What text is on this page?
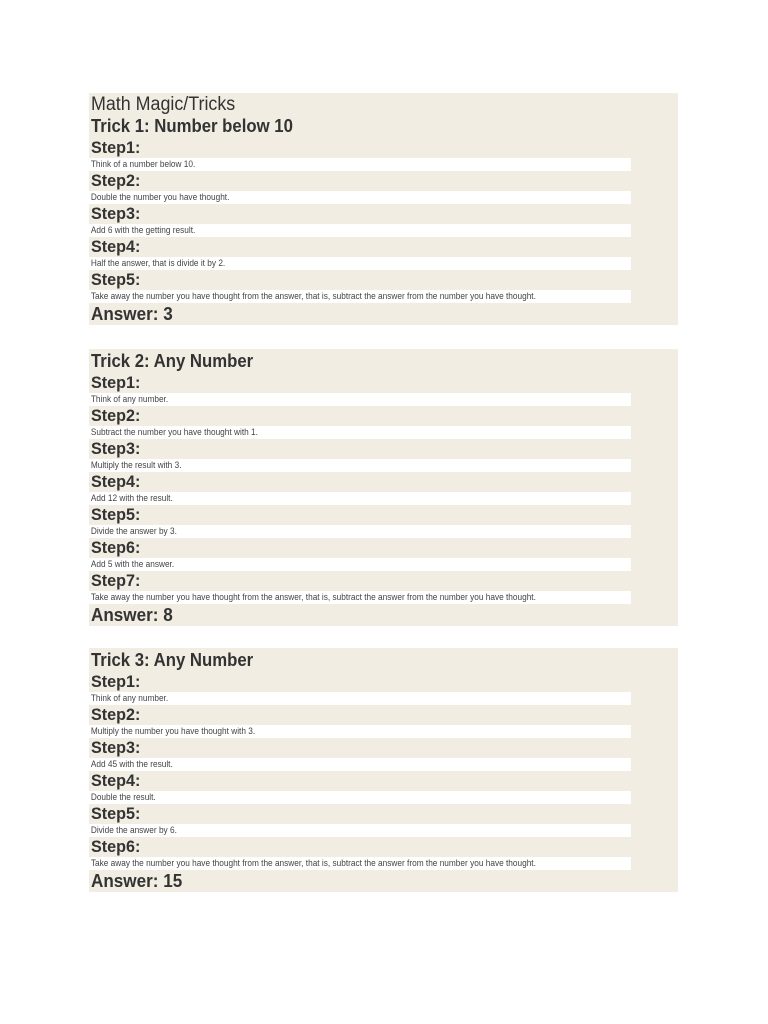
Math Magic/Tricks
Trick 1: Number below 10
Step1:
Think of a number below 10.
Step2:
Double the number you have thought.
Step3:
Add 6 with the getting result.
Step4:
Half the answer, that is divide it by 2.
Step5:
Take away the number you have thought from the answer, that is, subtract the answer from the number you have thought.
Answer: 3
Trick 2: Any Number
Step1:
Think of any number.
Step2:
Subtract the number you have thought with 1.
Step3:
Multiply the result with 3.
Step4:
Add 12 with the result.
Step5:
Divide the answer by 3.
Step6:
Add 5 with the answer.
Step7:
Take away the number you have thought from the answer, that is, subtract the answer from the number you have thought.
Answer: 8
Trick 3: Any Number
Step1:
Think of any number.
Step2:
Multiply the number you have thought with 3.
Step3:
Add 45 with the result.
Step4:
Double the result.
Step5:
Divide the answer by 6.
Step6:
Take away the number you have thought from the answer, that is, subtract the answer from the number you have thought.
Answer: 15
